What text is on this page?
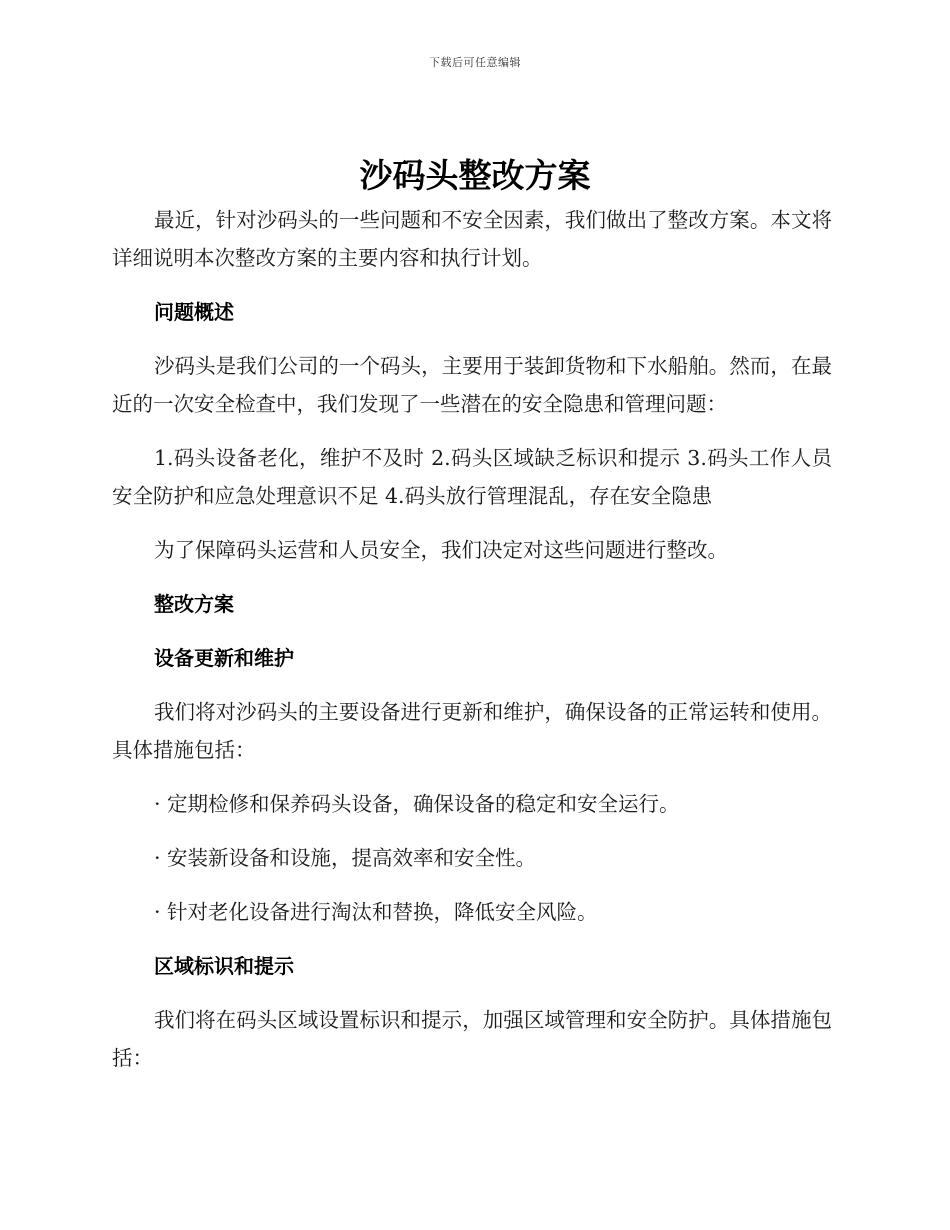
下载后可任意编辑
沙码头整改方案

最近，针对沙码头的一些问题和不安全因素，我们做出了整改方案。本文将详细说明本次整改方案的主要内容和执行计划。

问题概述

沙码头是我们公司的一个码头，主要用于装卸货物和下水船舶。然而，在最近的一次安全检查中，我们发现了一些潜在的安全隐患和管理问题：

1.码头设备老化，维护不及时 2.码头区域缺乏标识和提示 3.码头工作人员安全防护和应急处理意识不足 4.码头放行管理混乱，存在安全隐患

为了保障码头运营和人员安全，我们决定对这些问题进行整改。

整改方案
设备更新和维护

我们将对沙码头的主要设备进行更新和维护，确保设备的正常运转和使用。具体措施包括：

· 定期检修和保养码头设备，确保设备的稳定和安全运行。
· 安装新设备和设施，提高效率和安全性。
· 针对老化设备进行淘汰和替换，降低安全风险。
区域标识和提示

我们将在码头区域设置标识和提示，加强区域管理和安全防护。具体措施包括：
